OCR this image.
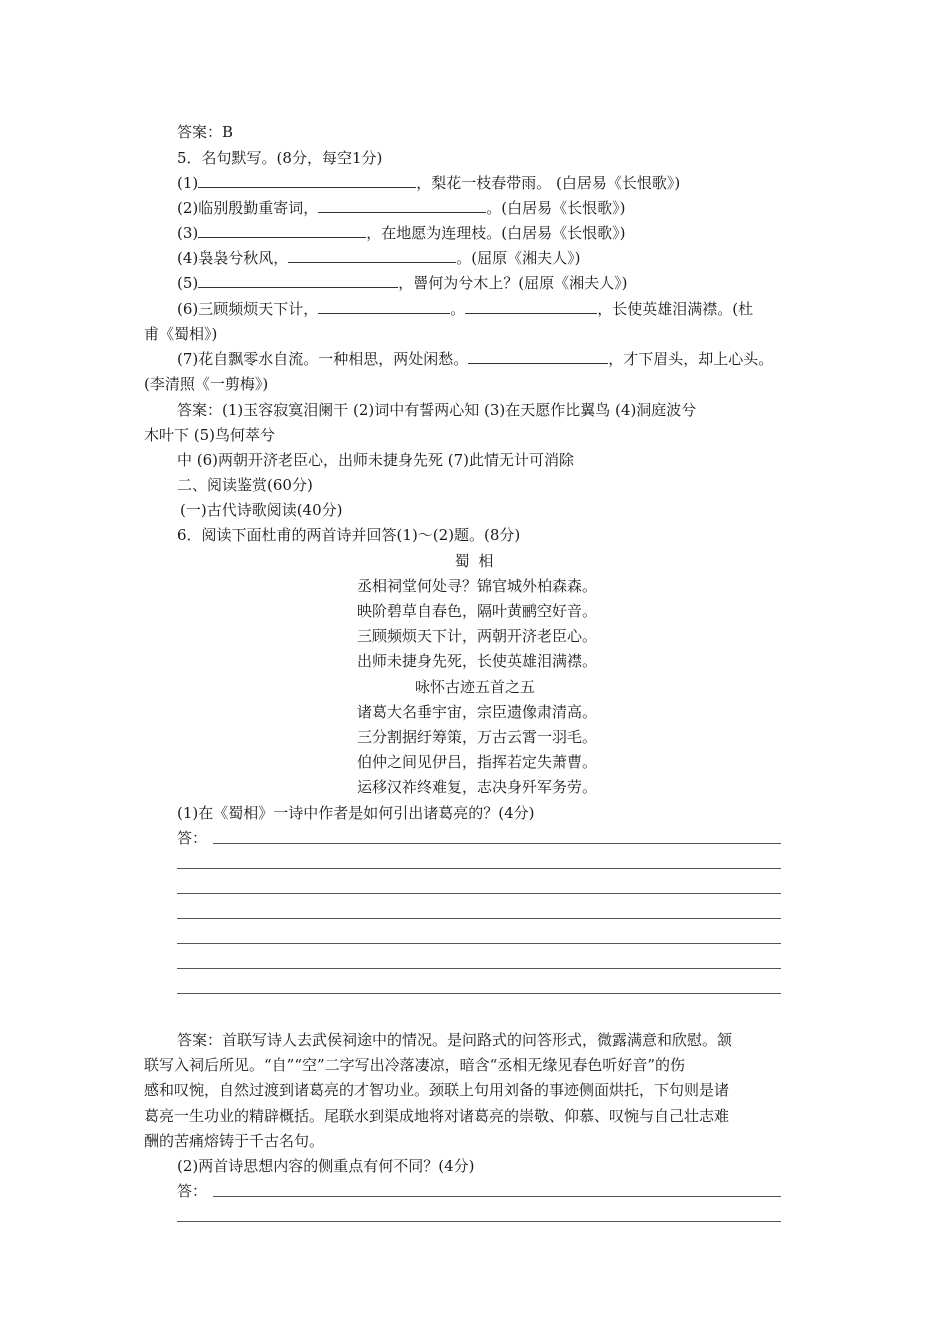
答案：B
5．名句默写。(8分，每空1分)
(1)	，梨花一枝春带雨。 (白居易《长恨歌》)
(2)临别殷勤重寄词，	。(白居易《长恨歌》)
(3)	，在地愿为连理枝。(白居易《长恨歌》)
(4)袅袅兮秋风，	。(屈原《湘夫人》)
(5)	，罾何为兮木上？(屈原《湘夫人》)
(6)三顾频烦天下计，	。	，长使英雄泪满襟。(杜
甫《蜀相》)
(7)花自飘零水自流。一种相思，两处闲愁。	，才下眉头，却上心头。
(李清照《一剪梅》)
答案：(1)玉容寂寞泪阑干 (2)词中有誓两心知 (3)在天愿作比翼鸟 (4)洞庭波兮
木叶下 (5)鸟何萃兮
中 (6)两朝开济老臣心，出师未捷身先死 (7)此情无计可消除
二、阅读鉴赏(60分)
(一)古代诗歌阅读(40分)
6．阅读下面杜甫的两首诗并回答(1)～(2)题。(8分)
蜀 相
丞相祠堂何处寻？锦官城外柏森森。
映阶碧草自春色，隔叶黄鹂空好音。
三顾频烦天下计，两朝开济老臣心。
出师未捷身先死，长使英雄泪满襟。
咏怀古迹五首之五
诸葛大名垂宇宙，宗臣遗像肃清高。
三分割据纡筹策，万古云霄一羽毛。
伯仲之间见伊吕，指挥若定失萧曹。
运移汉祚终难复，志决身歼军务劳。
(1)在《蜀相》一诗中作者是如何引出诸葛亮的？(4分)
答：
答案：首联写诗人去武侯祠途中的情况。是问路式的问答形式，微露满意和欣慰。颔
联写入祠后所见。“自”“空”二字写出冷落凄凉，暗含“丞相无缘见春色听好音”的伤
感和叹惋，自然过渡到诸葛亮的才智功业。颈联上句用刘备的事迹侧面烘托，下句则是诸
葛亮一生功业的精辟概括。尾联水到渠成地将对诸葛亮的崇敬、仰慕、叹惋与自己壮志难
酬的苦痛熔铸于千古名句。
(2)两首诗思想内容的侧重点有何不同？(4分)
答：
